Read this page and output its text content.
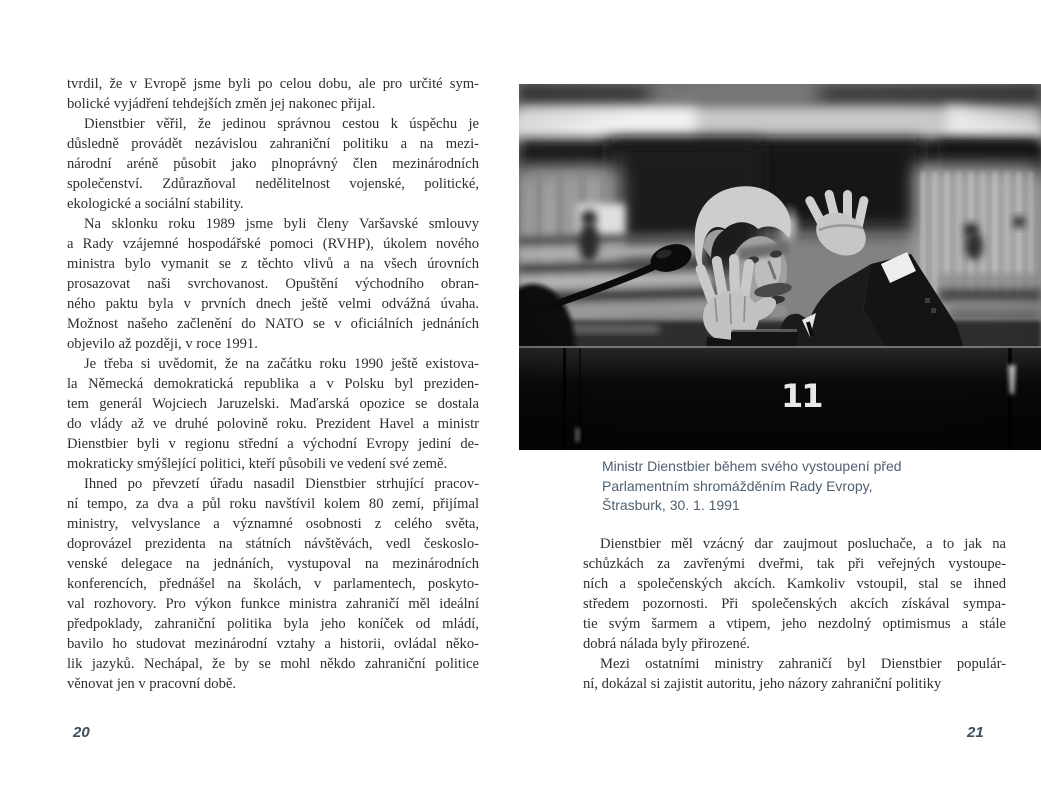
tvrdil, že v Evropě jsme byli po celou dobu, ale pro určité sym-
bolické vyjádření tehdejších změn jej nakonec přijal.
Dienstbier věřil, že jedinou správnou cestou k úspěchu je
důsledně provádět nezávislou zahraniční politiku a na mezi-
národní aréně působit jako plnoprávný člen mezinárodních
společenství. Zdůrazňoval nedělitelnost vojenské, politické,
ekologické a sociální stability.
Na sklonku roku 1989 jsme byli členy Varšavské smlouvy
a Rady vzájemné hospodářské pomoci (RVHP), úkolem nového
ministra bylo vymanit se z těchto vlivů a na všech úrovních
prosazovat naši svrchovanost. Opuštění východního obran-
ného paktu byla v prvních dnech ještě velmi odvážná úvaha.
Možnost našeho začlenění do NATO se v oficiálních jednáních
objevilo až později, v roce 1991.
Je třeba si uvědomit, že na začátku roku 1990 ještě existova-
la Německá demokratická republika a v Polsku byl preziden-
tem generál Wojciech Jaruzelski. Maďarská opozice se dostala
do vlády až ve druhé polovině roku. Prezident Havel a ministr
Dienstbier byli v regionu střední a východní Evropy jediní de-
mokraticky smýšlející politici, kteří působili ve vedení své země.
Ihned po převzetí úřadu nasadil Dienstbier strhující pracov-
ní tempo, za dva a půl roku navštívil kolem 80 zemí, přijímal
ministry, velvyslance a významné osobnosti z celého světa,
doprovázel prezidenta na státních návštěvách, vedl českoslo-
venské delegace na jednáních, vystupoval na mezinárodních
konferencích, přednášel na školách, v parlamentech, poskyto-
val rozhovory. Pro výkon funkce ministra zahraničí měl ideální
předpoklady, zahraniční politika byla jeho koníček od mládí,
bavilo ho studovat mezinárodní vztahy a historii, ovládal něko-
lik jazyků. Nechápal, že by se mohl někdo zahraniční politice
věnovat jen v pracovní době.
20
Ministr Dienstbier během svého vystoupení před
Parlamentním shromážděním Rady Evropy,
Štrasburk, 30. 1. 1991
Dienstbier měl vzácný dar zaujmout posluchače, a to jak na
schůzkách za zavřenými dveřmi, tak při veřejných vystoupe-
ních a společenských akcích. Kamkoliv vstoupil, stal se ihned
středem pozornosti. Při společenských akcích získával sympa-
tie svým šarmem a vtipem, jeho nezdolný optimismus a stále
dobrá nálada byly přirozené.
Mezi ostatními ministry zahraničí byl Dienstbier populár-
ní, dokázal si zajistit autoritu, jeho názory zahraniční politiky
21
